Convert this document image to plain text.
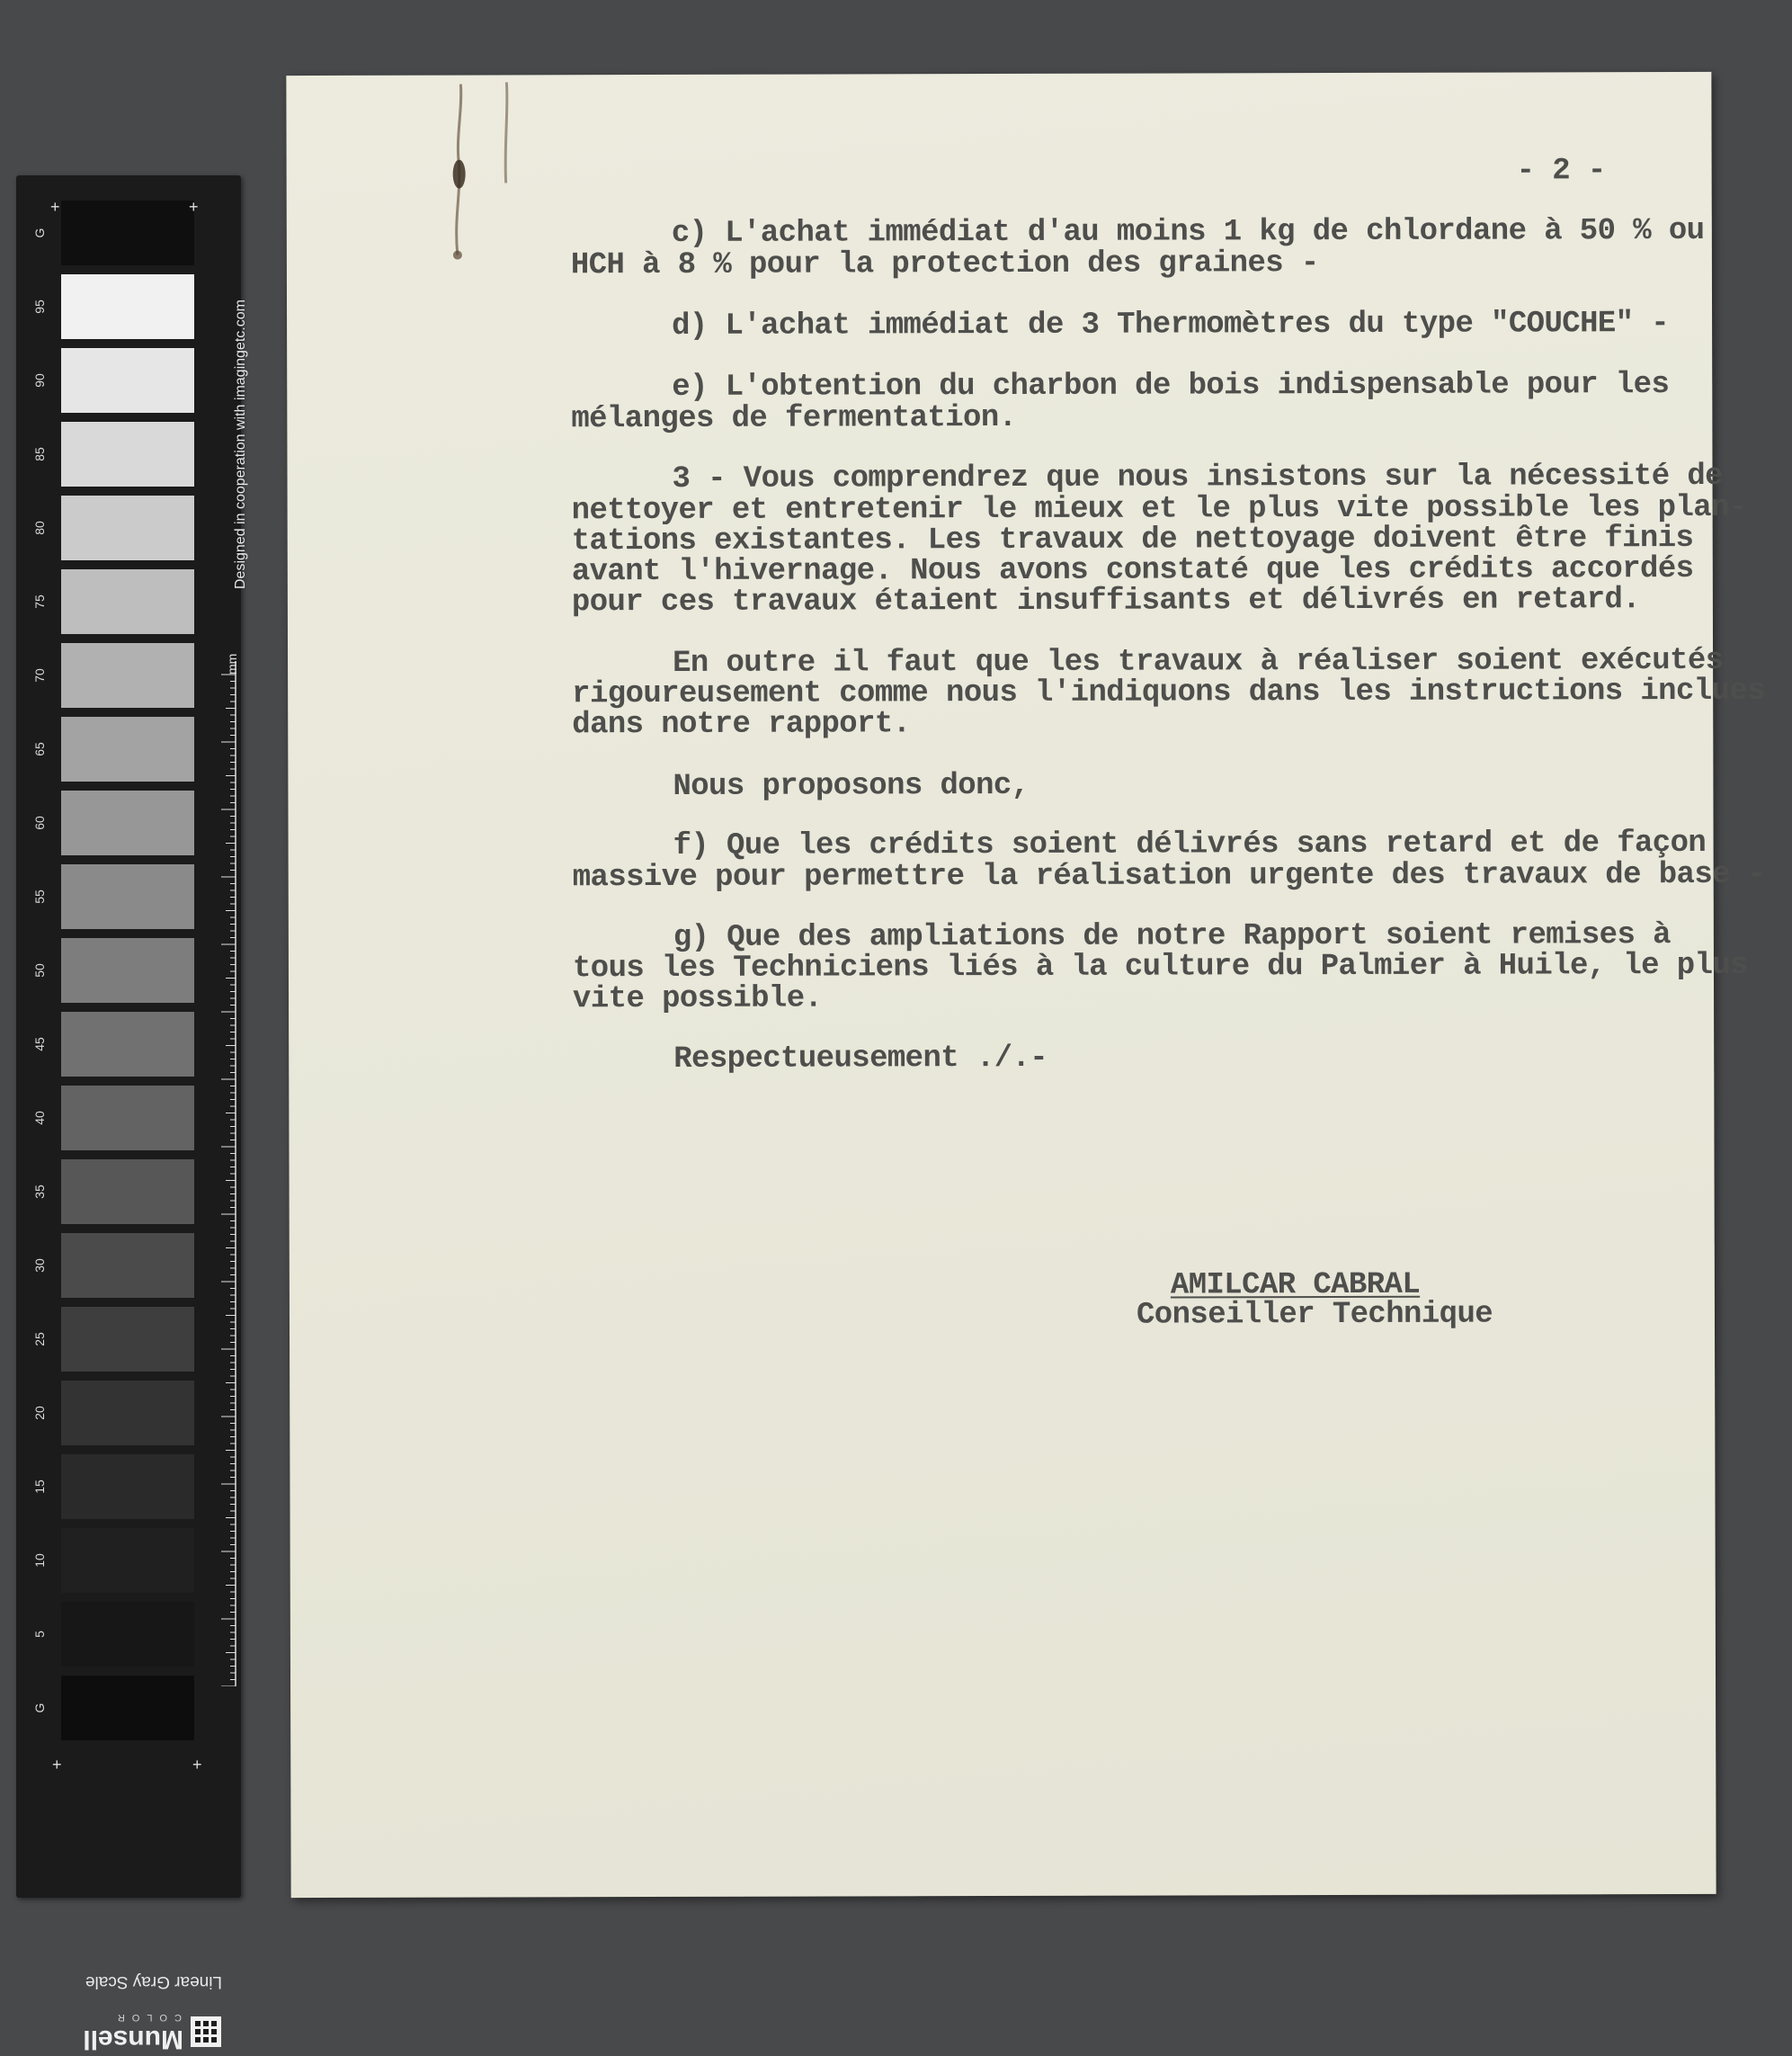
+	+
+	+
Designed in cooperation with imagingetc.com
mm
Linear Gray Scale
Munsell
COLOR
G
95
90
85
80
75
70
65
60
55
50
45
40
35
30
25
20
15
10
5
G
- 2 -
c) L'achat immédiat d'au moins 1 kg de chlordane à 50 % ou
HCH à 8 % pour la protection des graines -
d) L'achat immédiat de 3 Thermomètres du type "COUCHE" -
e) L'obtention du charbon de bois indispensable pour les
mélanges de fermentation.
3 - Vous comprendrez que nous insistons sur la nécessité de
nettoyer et entretenir le mieux et le plus vite possible les plan-
tations existantes. Les travaux de nettoyage doivent être finis
avant l'hivernage. Nous avons constaté que les crédits accordés
pour ces travaux étaient insuffisants et délivrés en retard.
En outre il faut que les travaux à réaliser soient exécutés
rigoureusement comme nous l'indiquons dans les instructions inclues
dans notre rapport.
Nous proposons donc,
f) Que les crédits soient délivrés sans retard et de façon
massive pour permettre la réalisation urgente des travaux de base -
g) Que des ampliations de notre Rapport soient remises à
tous les Techniciens liés à la culture du Palmier à Huile, le plus
vite possible.
Respectueusement ./.-
AMILCAR CABRAL
Conseiller Technique
